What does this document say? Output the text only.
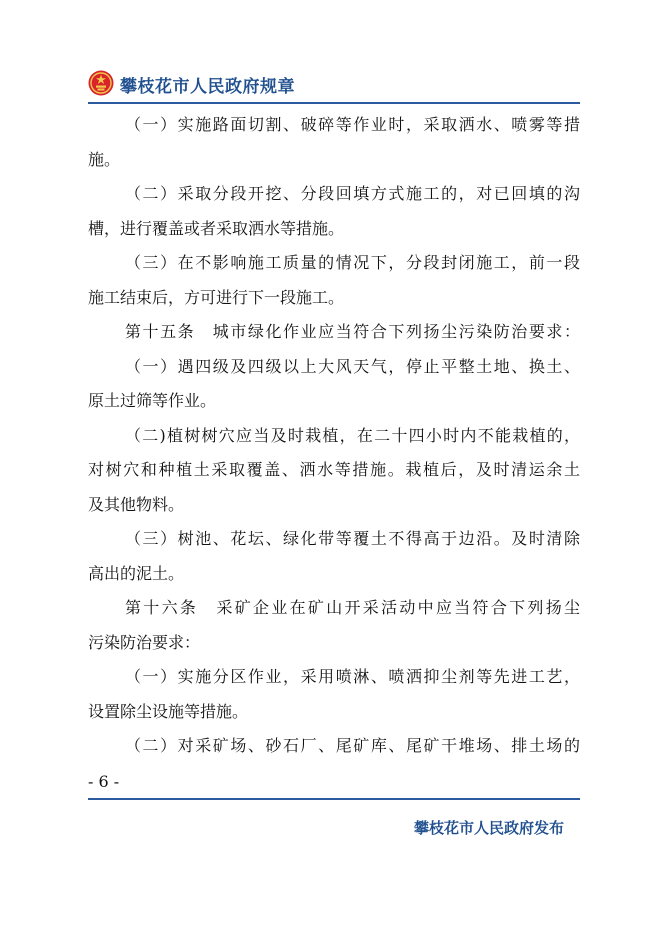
攀枝花市人民政府规章
（一）实施路面切割、破碎等作业时，采取洒水、喷雾等措
施。
（二）采取分段开挖、分段回填方式施工的，对已回填的沟
槽，进行覆盖或者采取洒水等措施。
（三）在不影响施工质量的情况下，分段封闭施工，前一段
施工结束后，方可进行下一段施工。
第十五条　城市绿化作业应当符合下列扬尘污染防治要求：
（一）遇四级及四级以上大风天气，停止平整土地、换土、
原土过筛等作业。
（二)植树树穴应当及时栽植，在二十四小时内不能栽植的，
对树穴和种植土采取覆盖、洒水等措施。栽植后，及时清运余土
及其他物料。
（三）树池、花坛、绿化带等覆土不得高于边沿。及时清除
高出的泥土。
第十六条　采矿企业在矿山开采活动中应当符合下列扬尘
污染防治要求：
（一）实施分区作业，采用喷淋、喷洒抑尘剂等先进工艺，
设置除尘设施等措施。
（二）对采矿场、砂石厂、尾矿库、尾矿干堆场、排土场的
- 6 -
攀枝花市人民政府发布
